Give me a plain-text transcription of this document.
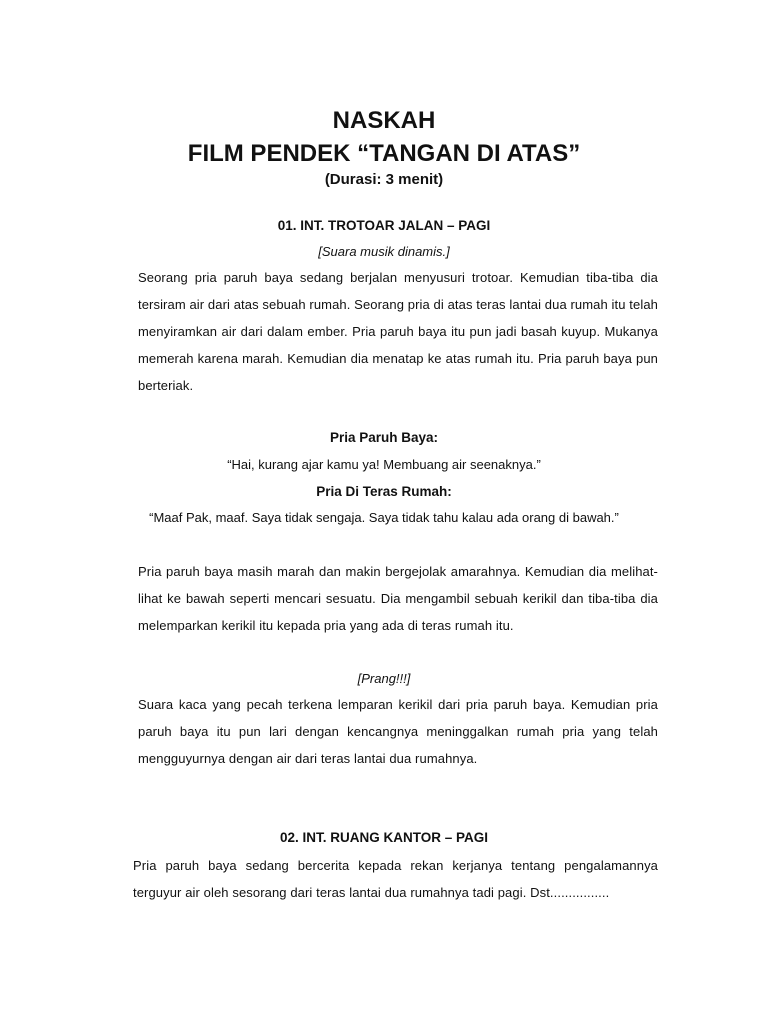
NASKAH
FILM PENDEK “TANGAN DI ATAS”
(Durasi: 3 menit)
01. INT. TROTOAR JALAN – PAGI
[Suara musik dinamis.]
Seorang pria paruh baya sedang berjalan menyusuri trotoar. Kemudian tiba-tiba dia tersiram air dari atas sebuah rumah. Seorang pria di atas teras lantai dua rumah itu telah menyiramkan air dari dalam ember. Pria paruh baya itu pun jadi basah kuyup. Mukanya memerah karena marah. Kemudian dia menatap ke atas rumah itu. Pria paruh baya pun berteriak.
Pria Paruh Baya:
“Hai, kurang ajar kamu ya! Membuang air seenaknya.”
Pria Di Teras Rumah:
“Maaf Pak, maaf. Saya tidak sengaja. Saya tidak tahu kalau ada orang di bawah.”
Pria paruh baya masih marah dan makin bergejolak amarahnya. Kemudian dia melihat-lihat ke bawah seperti mencari sesuatu. Dia mengambil sebuah kerikil dan tiba-tiba dia melemparkan kerikil itu kepada pria yang ada di teras rumah itu.
[Prang!!!]
Suara kaca yang pecah terkena lemparan kerikil dari pria paruh baya. Kemudian pria paruh baya itu pun lari dengan kencangnya meninggalkan rumah pria yang telah mengguyurnya dengan air dari teras lantai dua rumahnya.
02. INT. RUANG KANTOR – PAGI
Pria paruh baya sedang bercerita kepada rekan kerjanya tentang pengalamannya terguyur air oleh sesorang dari teras lantai dua rumahnya tadi pagi. Dst................
